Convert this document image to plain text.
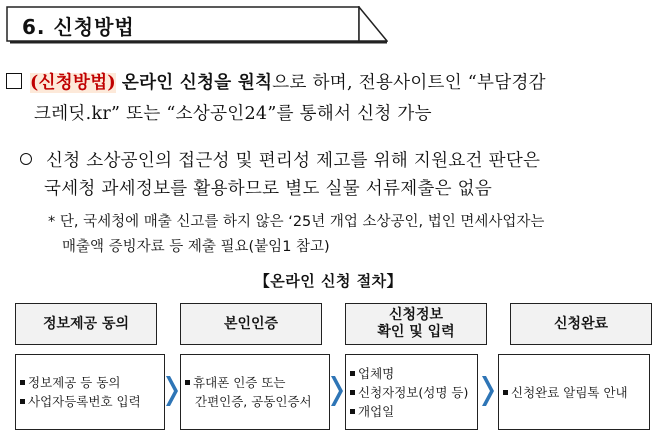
6. 신청방법
(신청방법) 온라인 신청을 원칙으로 하며, 전용사이트인 “부담경감
크레딧.kr” 또는 “소상공인24”를 통해서 신청 가능
신청 소상공인의 접근성 및 편리성 제고를 위해 지원요건 판단은
국세청 과세정보를 활용하므로 별도 실물 서류제출은 없음
* 단, 국세청에 매출 신고를 하지 않은 ‘25년 개업 소상공인, 법인 면세사업자는
매출액 증빙자료 등 제출 필요(붙임1 참고)
【온라인 신청 절차】
정보제공 동의	본인인증
신청정보
확인 및 입력
신청완료
정보제공 등 동의
사업자등록번호 입력
휴대폰 인증 또는
간편인증, 공동인증서
업체명
신청자정보(성명 등)
개업일
신청완료 알림톡 안내
